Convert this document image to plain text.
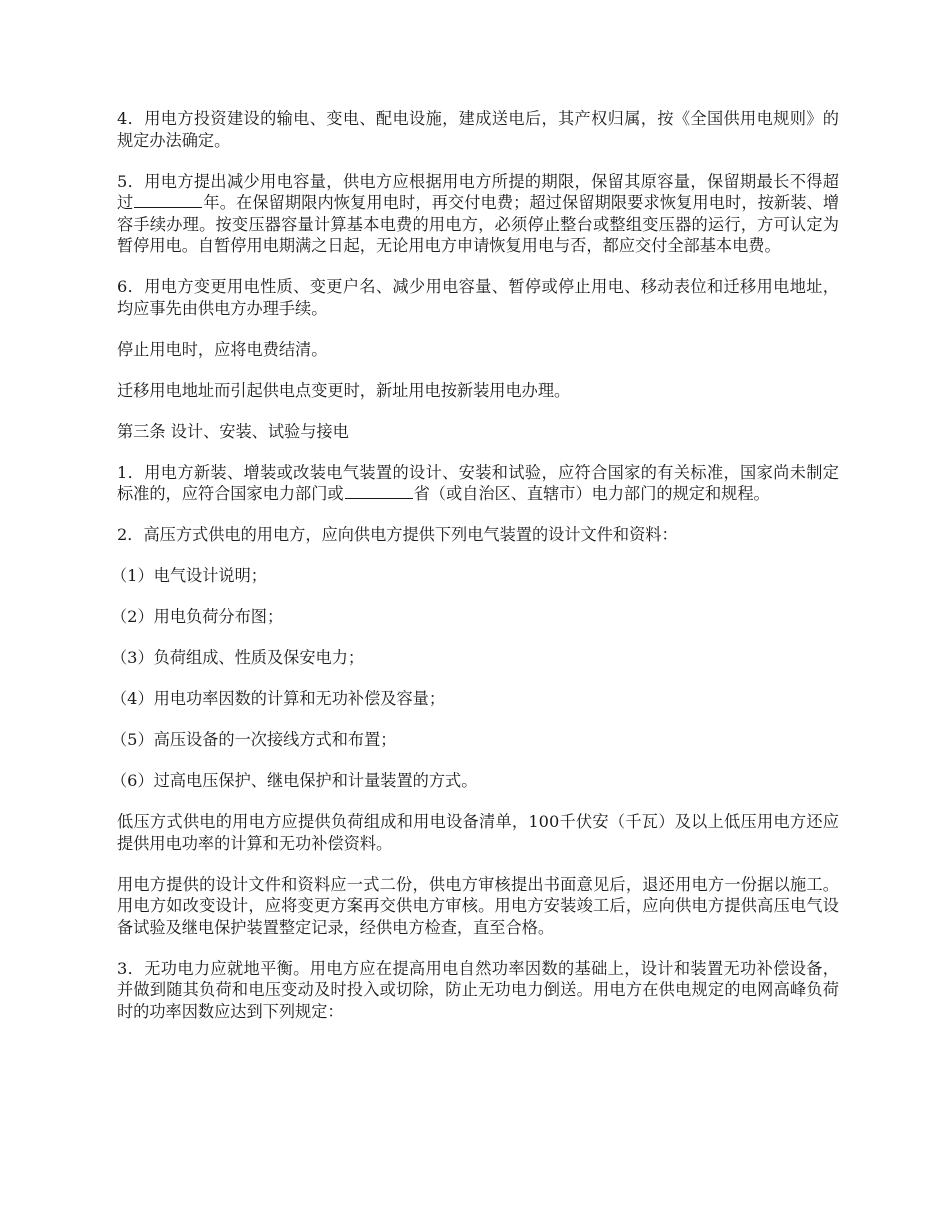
4．用电方投资建设的输电、变电、配电设施，建成送电后，其产权归属，按《全国供用电规则》的规定办法确定。

5．用电方提出减少用电容量，供电方应根据用电方所提的期限，保留其原容量，保留期最长不得超过	年。在保留期限内恢复用电时，再交付电费；超过保留期限要求恢复用电时，按新装、增容手续办理。按变压器容量计算基本电费的用电方，必须停止整台或整组变压器的运行，方可认定为暂停用电。自暂停用电期满之日起，无论用电方申请恢复用电与否，都应交付全部基本电费。

6．用电方变更用电性质、变更户名、减少用电容量、暂停或停止用电、移动表位和迁移用电地址，均应事先由供电方办理手续。

停止用电时，应将电费结清。

迁移用电地址而引起供电点变更时，新址用电按新装用电办理。

第三条 设计、安装、试验与接电

1．用电方新装、增装或改装电气装置的设计、安装和试验，应符合国家的有关标准，国家尚未制定标准的，应符合国家电力部门或	省（或自治区、直辖市）电力部门的规定和规程。

2．高压方式供电的用电方，应向供电方提供下列电气装置的设计文件和资料：

（1）电气设计说明；

（2）用电负荷分布图；

（3）负荷组成、性质及保安电力；

（4）用电功率因数的计算和无功补偿及容量；

（5）高压设备的一次接线方式和布置；

（6）过高电压保护、继电保护和计量装置的方式。

低压方式供电的用电方应提供负荷组成和用电设备清单，100千伏安（千瓦）及以上低压用电方还应提供用电功率的计算和无功补偿资料。

用电方提供的设计文件和资料应一式二份，供电方审核提出书面意见后，退还用电方一份据以施工。用电方如改变设计，应将变更方案再交供电方审核。用电方安装竣工后，应向供电方提供高压电气设备试验及继电保护装置整定记录，经供电方检查，直至合格。

3．无功电力应就地平衡。用电方应在提高用电自然功率因数的基础上，设计和装置无功补偿设备，并做到随其负荷和电压变动及时投入或切除，防止无功电力倒送。用电方在供电规定的电网高峰负荷时的功率因数应达到下列规定：
